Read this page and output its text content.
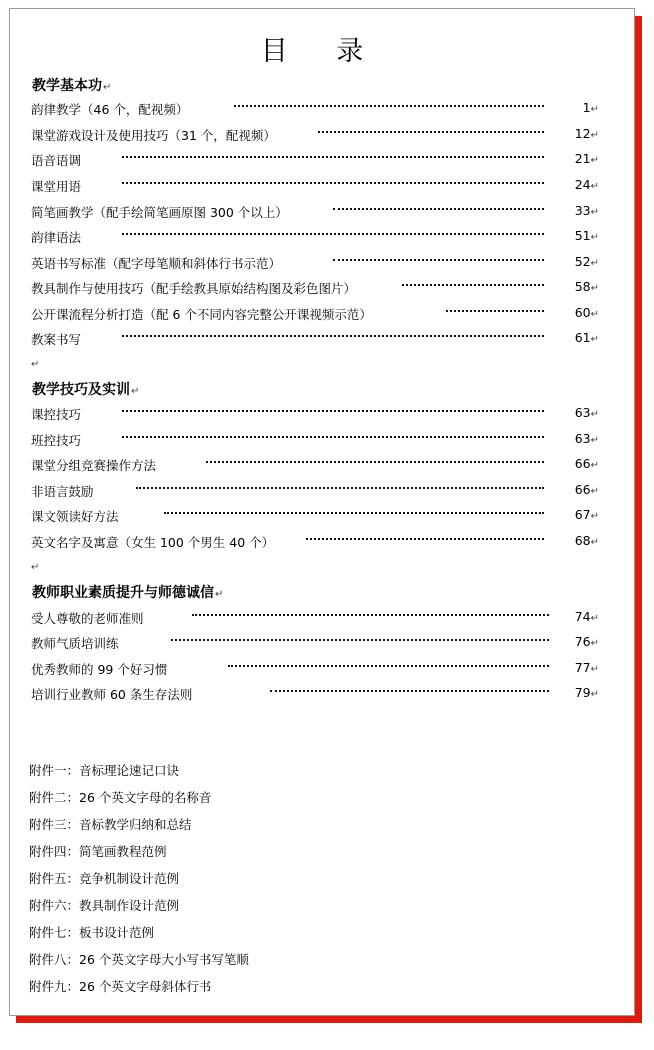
目 录
教学基本功↵
韵律教学（46 个，配视频）	1↵
课堂游戏设计及使用技巧（31 个，配视频）	12↵
语音语调	21↵
课堂用语	24↵
简笔画教学（配手绘简笔画原图 300 个以上）	33↵
韵律语法	51↵
英语书写标准（配字母笔顺和斜体行书示范）	52↵
教具制作与使用技巧（配手绘教具原始结构图及彩色图片）	58↵
公开课流程分析打造（配 6 个不同内容完整公开课视频示范）	60↵
教案书写	61↵
↵
教学技巧及实训↵
课控技巧	63↵
班控技巧	63↵
课堂分组竞赛操作方法	66↵
非语言鼓励	66↵
课文领读好方法	67↵
英文名字及寓意（女生 100 个男生 40 个）	68↵
↵
教师职业素质提升与师德诚信↵
受人尊敬的老师准则	74↵
教师气质培训练	76↵
优秀教师的 99 个好习惯	77↵
培训行业教师 60 条生存法则	79↵
附件一：音标理论速记口诀
附件二：26 个英文字母的名称音
附件三：音标教学归纳和总结
附件四：简笔画教程范例
附件五：竞争机制设计范例
附件六：教具制作设计范例
附件七：板书设计范例
附件八：26 个英文字母大小写书写笔顺
附件九：26 个英文字母斜体行书
